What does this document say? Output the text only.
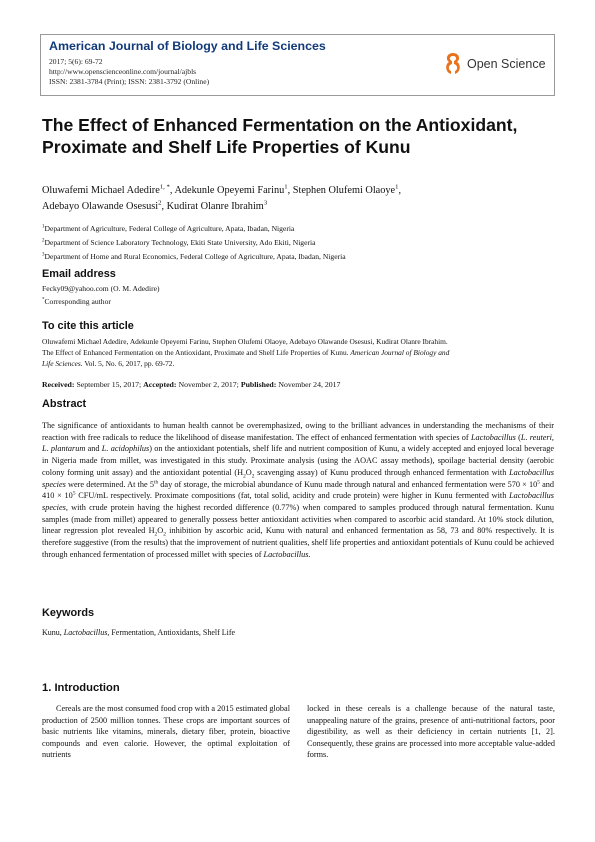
American Journal of Biology and Life Sciences
2017; 5(6): 69-72
http://www.openscienceonline.com/journal/ajbls
ISSN: 2381-3784 (Print); ISSN: 2381-3792 (Online)
Open Science
The Effect of Enhanced Fermentation on the Antioxidant, Proximate and Shelf Life Properties of Kunu
Oluwafemi Michael Adedire$^{1, *}$, Adekunle Opeyemi Farinu$^1$, Stephen Olufemi Olaoye$^1$,
Adebayo Olawande Osesusi$^2$, Kudirat Olanre Ibrahim$^3$
$^1$Department of Agriculture, Federal College of Agriculture, Apata, Ibadan, Nigeria
$^2$Department of Science Laboratory Technology, Ekiti State University, Ado Ekiti, Nigeria
$^3$Department of Home and Rural Economics, Federal College of Agriculture, Apata, Ibadan, Nigeria
Email address
Fecky09@yahoo.com (O. M. Adedire)
*Corresponding author
To cite this article
Oluwafemi Michael Adedire, Adekunle Opeyemi Farinu, Stephen Olufemi Olaoye, Adebayo Olawande Osesusi, Kudirat Olanre Ibrahim.
The Effect of Enhanced Fermentation on the Antioxidant, Proximate and Shelf Life Properties of Kunu. American Journal of Biology and
Life Sciences. Vol. 5, No. 6, 2017, pp. 69-72.
Received: September 15, 2017; Accepted: November 2, 2017; Published: November 24, 2017
Abstract

The significance of antioxidants to human health cannot be overemphasized, owing to the brilliant advances in understanding the mechanisms of their reaction with free radicals to reduce the likelihood of disease manifestation. The effect of enhanced fermentation with species of Lactobacillus (L. reuteri, L. plantarum and L. acidophilus) on the antioxidant potentials, shelf life and nutrient composition of Kunu, a widely accepted and enjoyed local beverage in Nigeria made from millet, was investigated in this study. Proximate analysis (using the AOAC assay methods), spoilage bacterial density (aerobic colony forming unit assay) and the antioxidant potential ($H_2O_2$ scavenging assay) of Kunu produced through enhanced fermentation with Lactobacillus species were determined. At the 5th day of storage, the microbial abundance of Kunu made through natural and enhanced fermentation were $570 \times 10^5$ and $410 \times 10^5$ CFU/mL respectively. Proximate compositions (fat, total solid, acidity and crude protein) were higher in Kunu fermented with Lactobacillus species, with crude protein having the highest recorded difference (0.77%) when compared to samples produced through natural fermentation. Kunu samples (made from millet) appeared to generally possess better antioxidant activities when compared to ascorbic acid standard. At 10% stock dilution, linear regression plot revealed $H_2O_2$ inhibition by ascorbic acid, Kunu with natural and enhanced fermentation as 58, 73 and 80% respectively. It is therefore suggestive (from the results) that the improvement of nutrient qualities, shelf life properties and antioxidant potentials of Kunu could be achieved through enhanced fermentation of processed millet with species of Lactobacillus.

Keywords
Kunu, Lactobacillus, Fermentation, Antioxidants, Shelf Life
1. Introduction

Cereals are the most consumed food crop with a 2015 estimated global production of 2500 million tonnes. These crops are important sources of basic nutrients like vitamins, minerals, dietary fiber, protein, bioactive compounds and even calorie. However, the optimal exploitation of nutrients

locked in these cereals is a challenge because of the natural taste, unappealing nature of the grains, presence of anti-nutritional factors, poor digestibility, as well as their deficiency in certain nutrients [1, 2]. Consequently, these grains are processed into more acceptable value-added forms.
